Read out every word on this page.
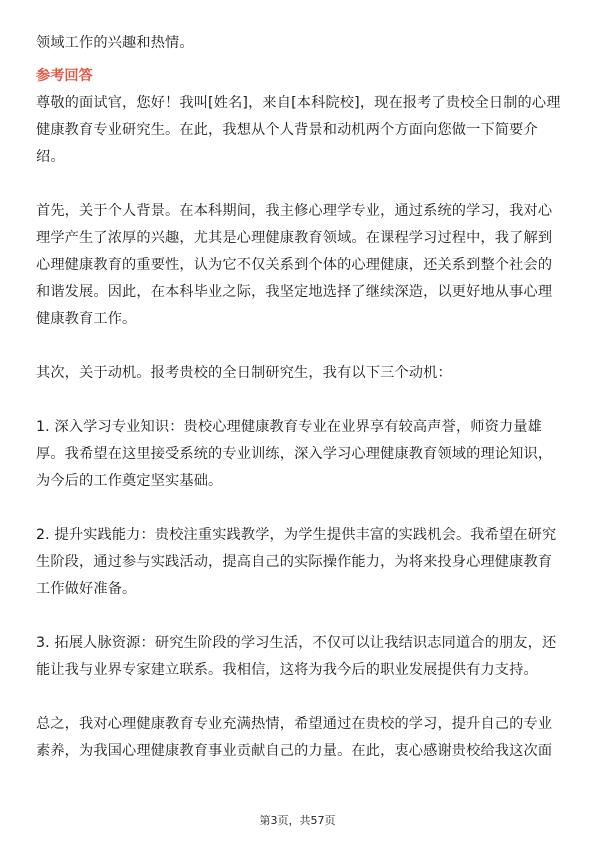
领域工作的兴趣和热情。

参考回答

尊敬的面试官，您好！我叫[姓名]，来自[本科院校]，现在报考了贵校全日制的心理

健康教育专业研究生。在此，我想从个人背景和动机两个方面向您做一下简要介

绍。

首先，关于个人背景。在本科期间，我主修心理学专业，通过系统的学习，我对心

理学产生了浓厚的兴趣，尤其是心理健康教育领域。在课程学习过程中，我了解到

心理健康教育的重要性，认为它不仅关系到个体的心理健康，还关系到整个社会的

和谐发展。因此，在本科毕业之际，我坚定地选择了继续深造，以更好地从事心理

健康教育工作。

其次，关于动机。报考贵校的全日制研究生，我有以下三个动机：

1. 深入学习专业知识：贵校心理健康教育专业在业界享有较高声誉，师资力量雄

厚。我希望在这里接受系统的专业训练，深入学习心理健康教育领域的理论知识，

为今后的工作奠定坚实基础。

2. 提升实践能力：贵校注重实践教学，为学生提供丰富的实践机会。我希望在研究

生阶段，通过参与实践活动，提高自己的实际操作能力，为将来投身心理健康教育

工作做好准备。

3. 拓展人脉资源：研究生阶段的学习生活，不仅可以让我结识志同道合的朋友，还

能让我与业界专家建立联系。我相信，这将为我今后的职业发展提供有力支持。

总之，我对心理健康教育专业充满热情，希望通过在贵校的学习，提升自己的专业

素养，为我国心理健康教育事业贡献自己的力量。在此，衷心感谢贵校给我这次面

第3页，共57页
